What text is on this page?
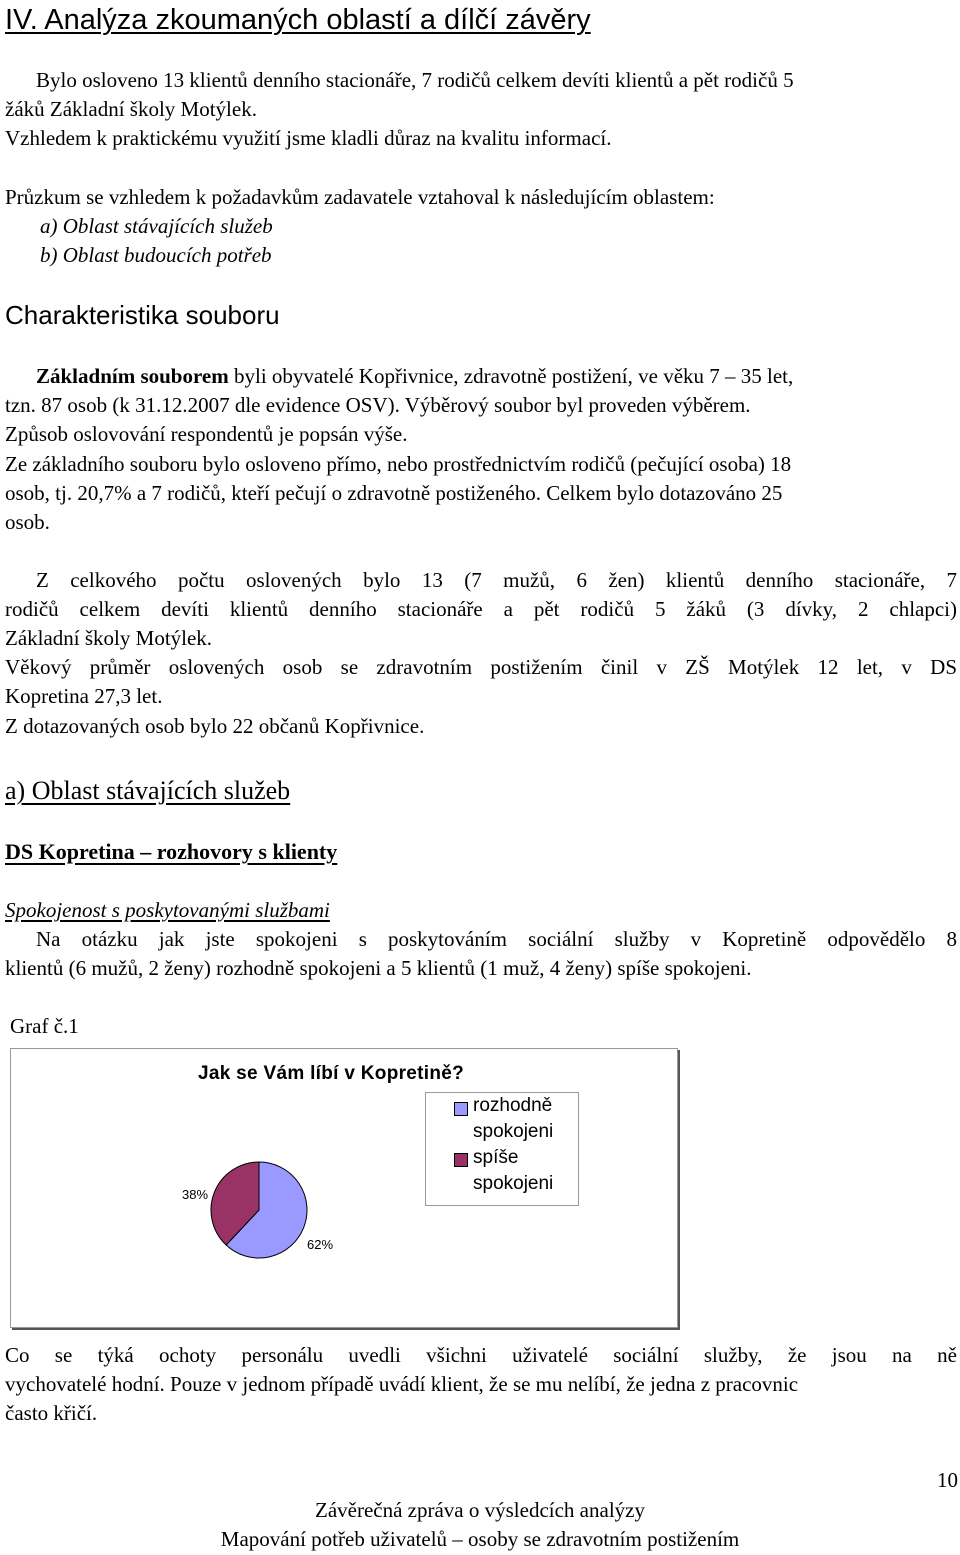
IV. Analýza zkoumaných oblastí a dílčí závěry
Bylo osloveno 13 klientů denního stacionáře, 7 rodičů celkem devíti klientů a pět rodičů 5
žáků Základní školy Motýlek.
Vzhledem k praktickému využití jsme kladli důraz na kvalitu informací.
Průzkum se vzhledem k požadavkům zadavatele vztahoval k následujícím oblastem:
a) Oblast stávajících služeb
b) Oblast budoucích potřeb
Charakteristika souboru
Základním souborem byli obyvatelé Kopřivnice, zdravotně postižení, ve věku 7 – 35 let,
tzn. 87 osob (k 31.12.2007 dle evidence OSV). Výběrový soubor byl proveden výběrem.
Způsob oslovování respondentů je popsán výše.
Ze základního souboru bylo osloveno přímo, nebo prostřednictvím rodičů (pečující osoba) 18
osob, tj. 20,7% a 7 rodičů, kteří pečují o zdravotně postiženého. Celkem bylo dotazováno 25
osob.
Z celkového počtu oslovených bylo 13 (7 mužů, 6 žen) klientů denního stacionáře, 7
rodičů celkem devíti klientů denního stacionáře a pět rodičů 5 žáků (3 dívky, 2 chlapci)
Základní školy Motýlek.
Věkový průměr oslovených osob se zdravotním postižením činil v ZŠ Motýlek 12 let, v DS
Kopretina 27,3 let.
Z dotazovaných osob bylo 22 občanů Kopřivnice.
a) Oblast stávajících služeb
DS Kopretina – rozhovory s klienty
Spokojenost s poskytovanými službami
Na otázku jak jste spokojeni s poskytováním sociální služby v Kopretině odpovědělo 8
klientů (6 mužů, 2 ženy) rozhodně spokojeni a 5 klientů (1 muž, 4 ženy) spíše spokojeni.
Graf č.1
Jak se Vám líbí v Kopretině?
38%
62%
rozhodně spokojeni
spíše spokojeni
Co se týká ochoty personálu uvedli všichni uživatelé sociální služby, že jsou na ně
vychovatelé hodní. Pouze v jednom případě uvádí klient, že se mu nelíbí, že jedna z pracovnic
často křičí.
10
Závěrečná zpráva o výsledcích analýzy
Mapování potřeb uživatelů – osoby se zdravotním postižením
